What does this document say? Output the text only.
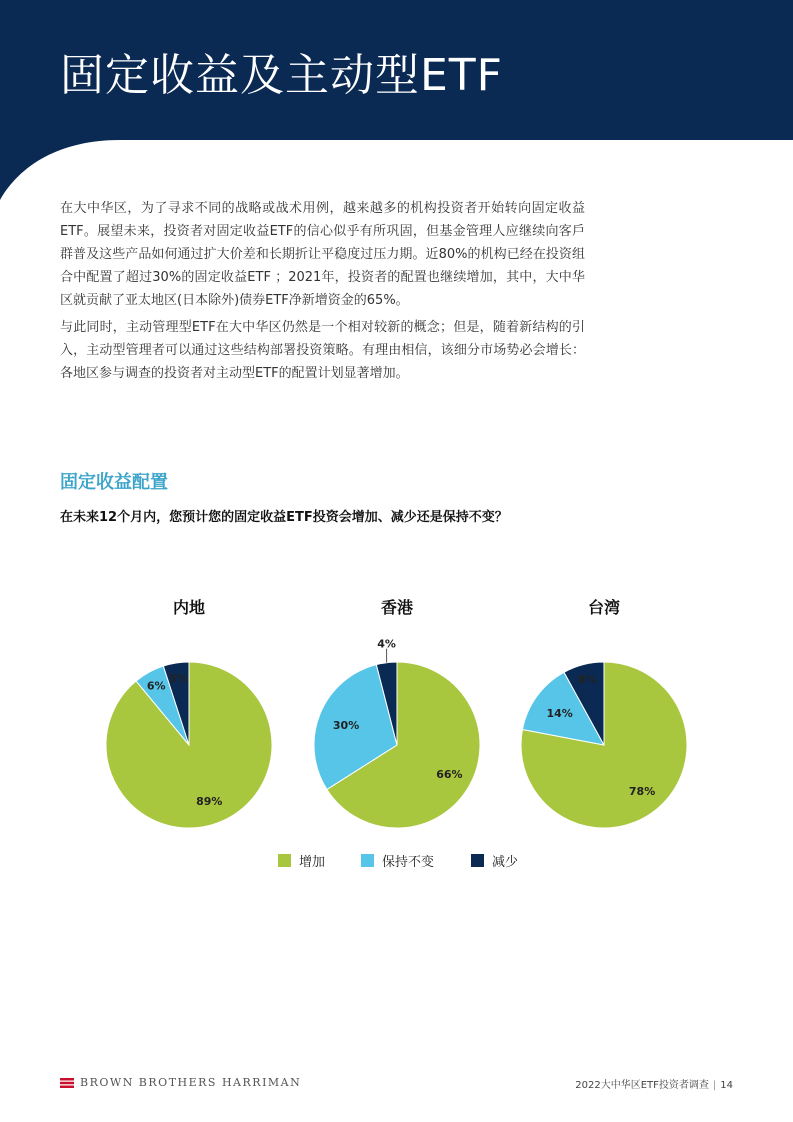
固定收益及主动型ETF

在大中华区，为了寻求不同的战略或战术用例，越来越多的机构投资者开始转向固定收益ETF。展望未来，投资者对固定收益ETF的信心似乎有所巩固，但基金管理人应继续向客戶群普及这些产品如何通过扩大价差和长期折让平稳度过压力期。近80%的机构已经在投资组合中配置了超过30%的固定收益ETF ；2021年，投资者的配置也继续增加，其中，大中华区就贡献了亚太地区(日本除外)债券ETF净新增资金的65%。

与此同时，主动管理型ETF在大中华区仍然是一个相对较新的概念；但是，随着新结构的引入，主动型管理者可以通过这些结构部署投资策略。有理由相信，该细分市场势必会增长：各地区参与调查的投资者对主动型ETF的配置计划显著增加。

固定收益配置

在未来12个月内，您预计您的固定收益ETF投资会增加、减少还是保持不变？

内地
89%
6%
5%
香港
66%
30%
4%
台湾
78%
14%
8%
增加	保持不变	减少
BROWN BROTHERS HARRIMAN	2022大中华区ETF投资者调查 | 14
